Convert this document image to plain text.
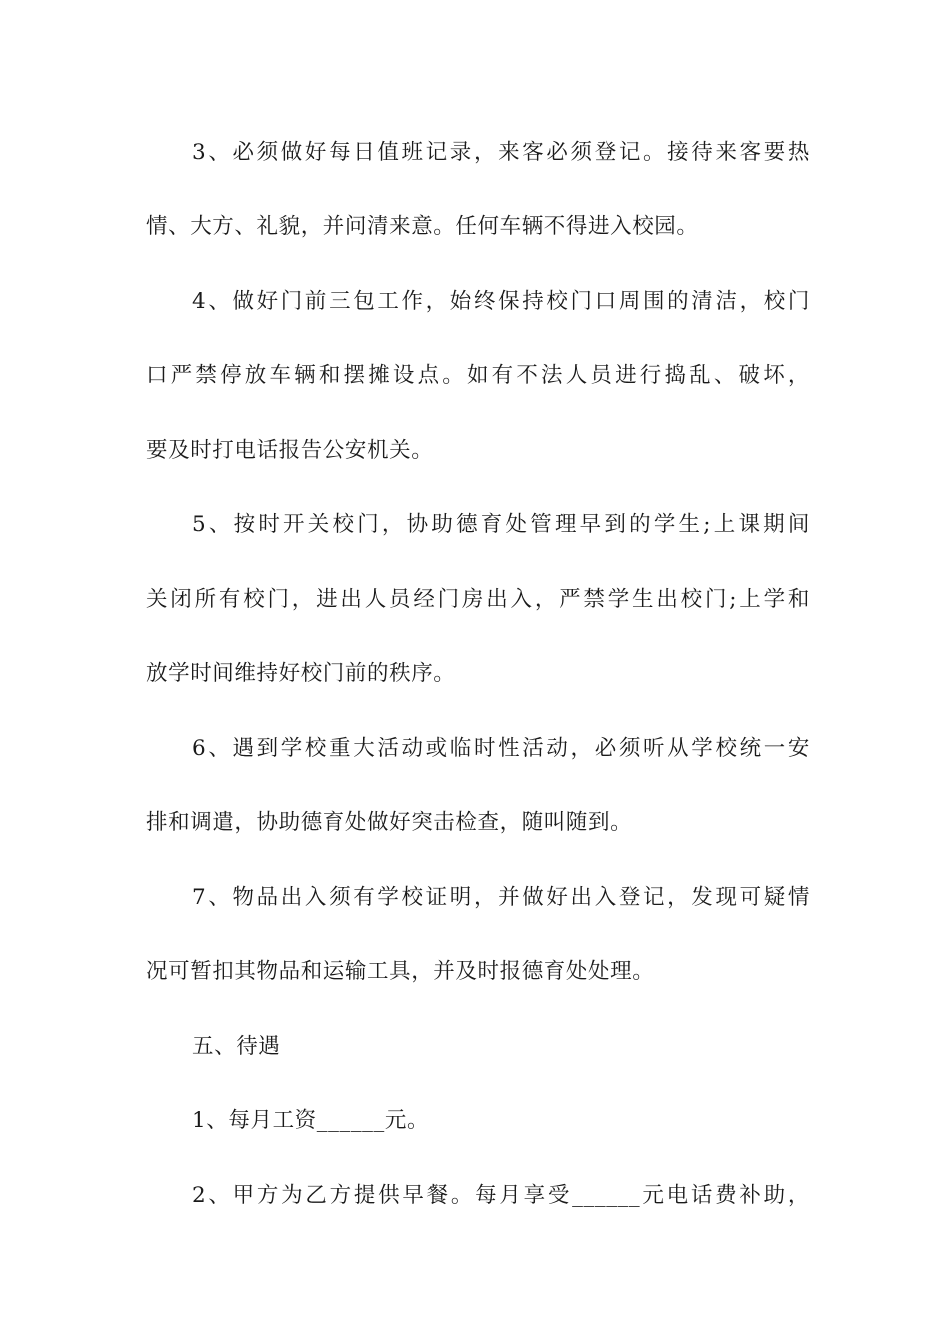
3、必须做好每日值班记录，来客必须登记。接待来客要热
情、大方、礼貌，并问清来意。任何车辆不得进入校园。
4、做好门前三包工作，始终保持校门口周围的清洁，校门
口严禁停放车辆和摆摊设点。如有不法人员进行捣乱、破坏，
要及时打电话报告公安机关。
5、按时开关校门，协助德育处管理早到的学生;上课期间
关闭所有校门，进出人员经门房出入，严禁学生出校门;上学和
放学时间维持好校门前的秩序。
6、遇到学校重大活动或临时性活动，必须听从学校统一安
排和调遣，协助德育处做好突击检查，随叫随到。
7、物品出入须有学校证明，并做好出入登记，发现可疑情
况可暂扣其物品和运输工具，并及时报德育处处理。
五、待遇
1、每月工资______元。
2、甲方为乙方提供早餐。每月享受______元电话费补助，
